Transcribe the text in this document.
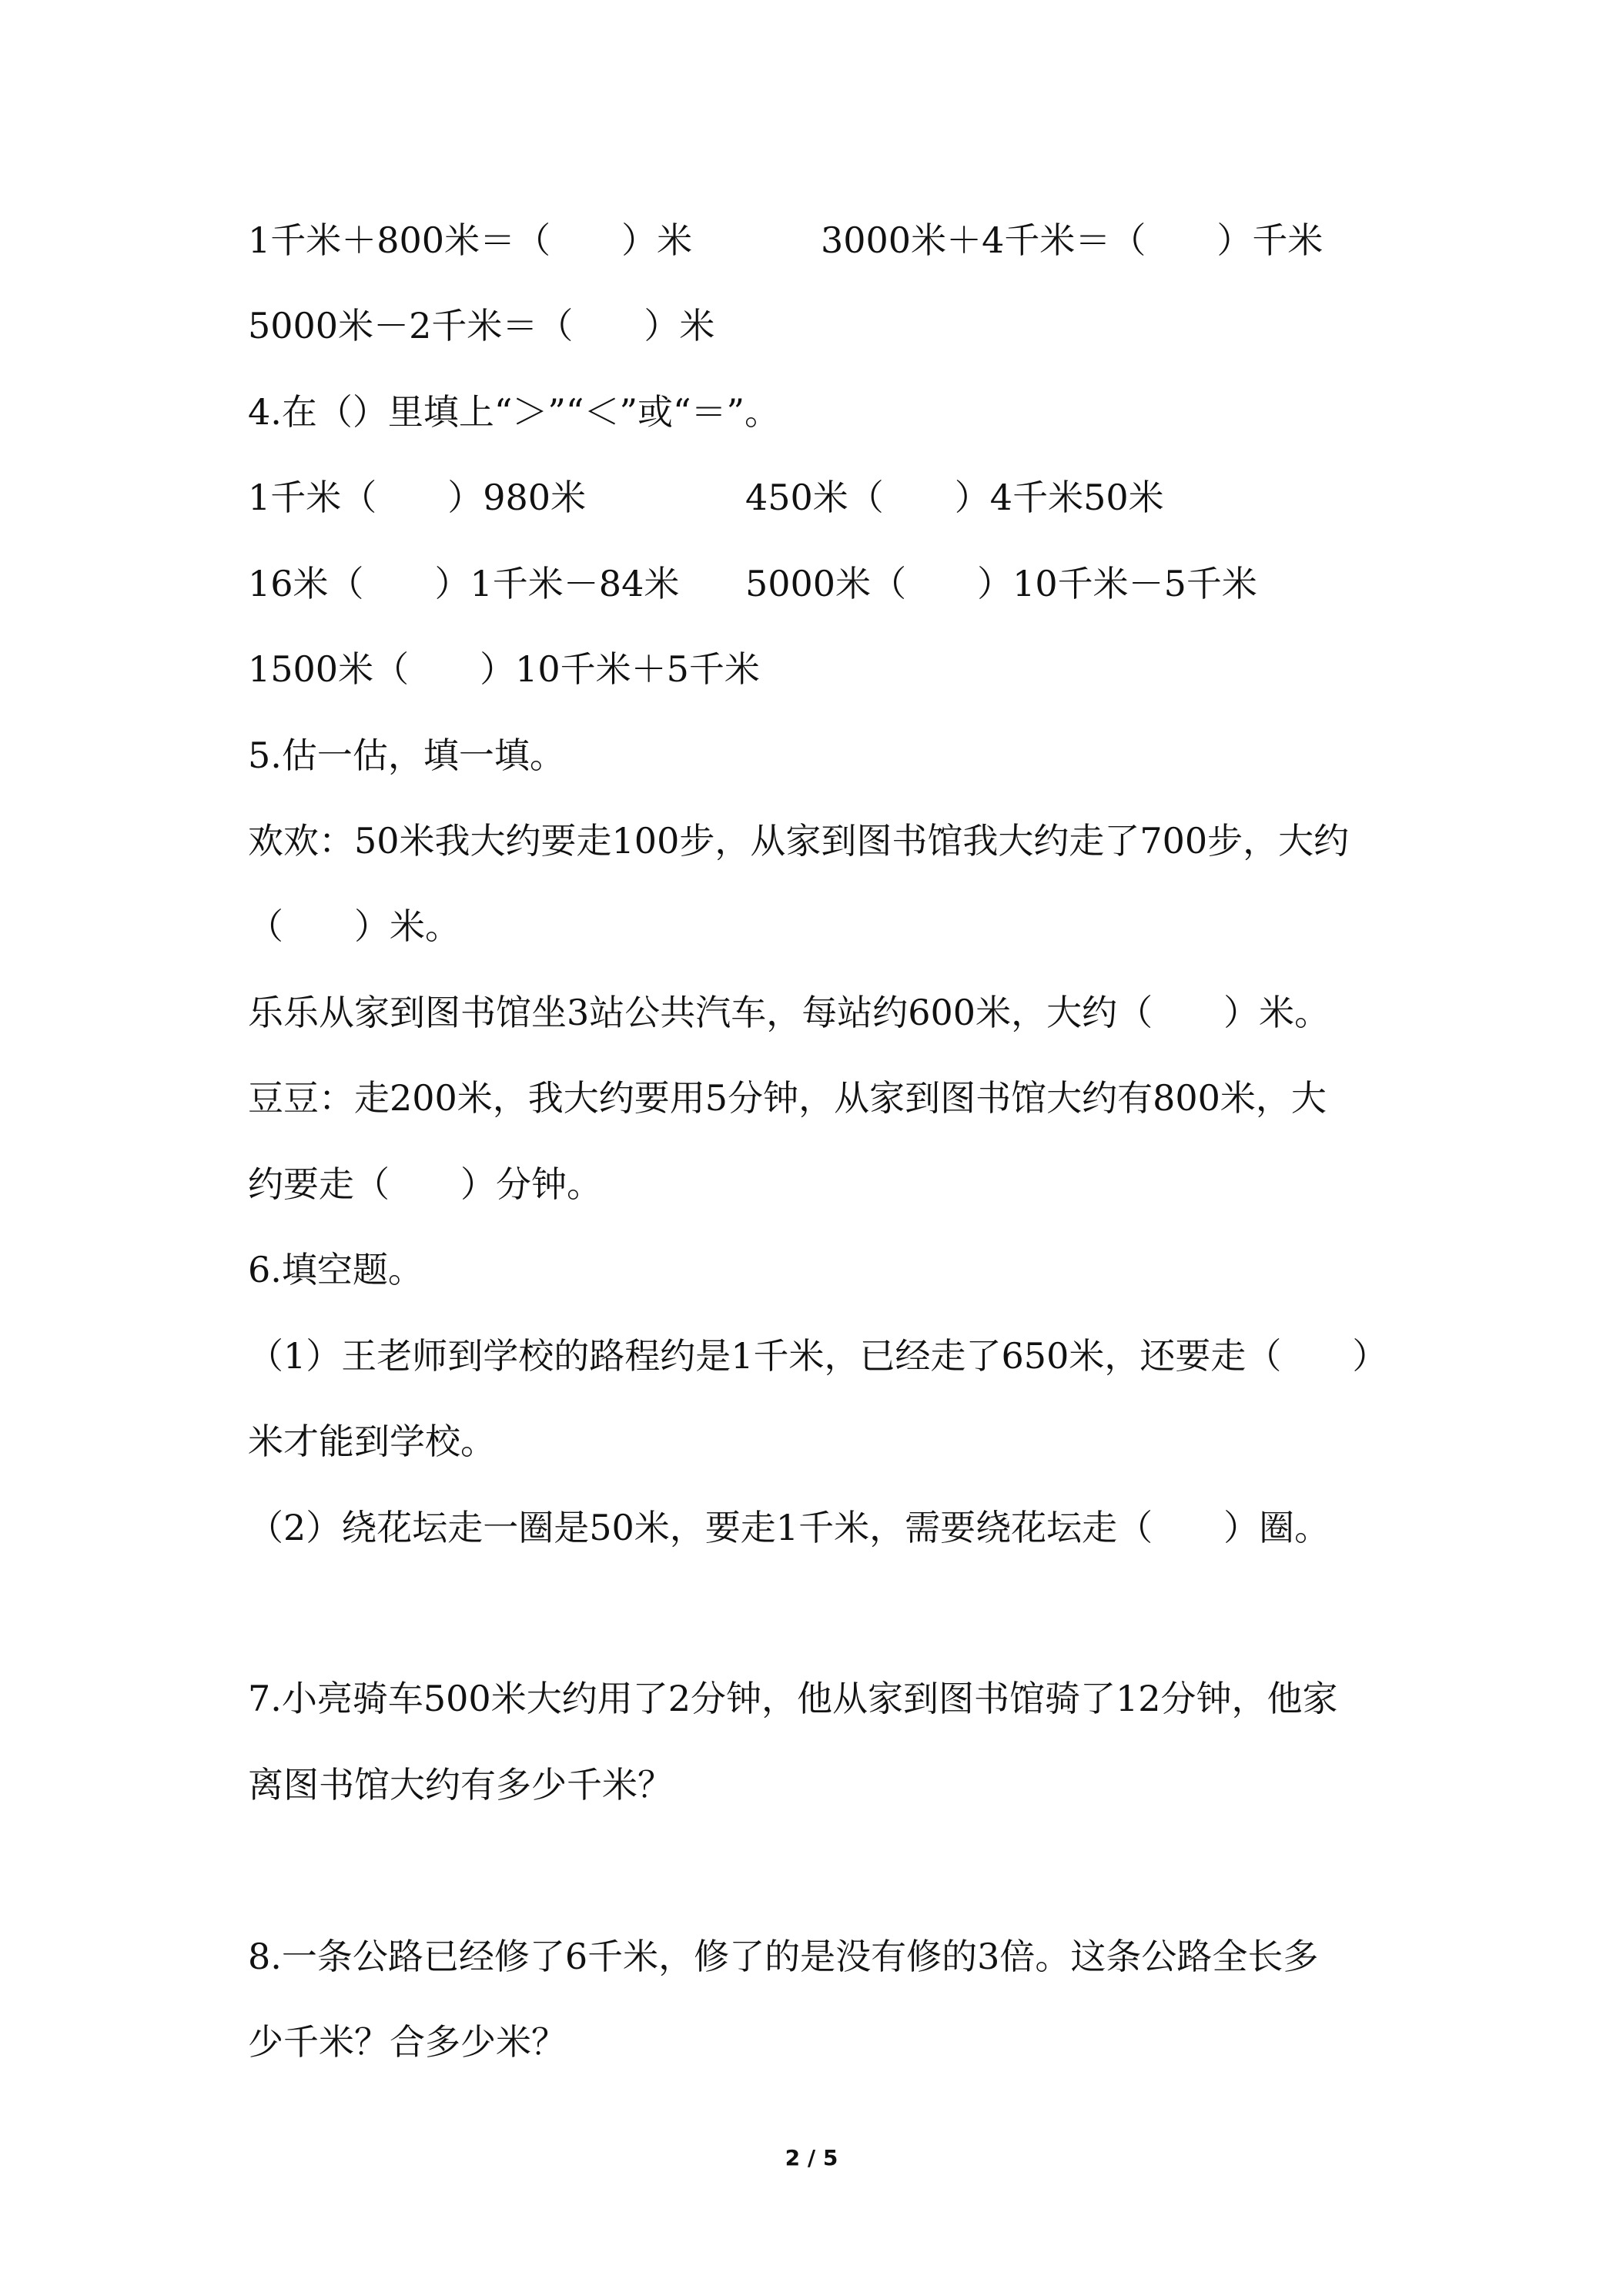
1千米＋800米＝（　　）米	3000米＋4千米＝（　　）千米
5000米－2千米＝（　　）米
4.在（）里填上“＞”“＜”或“＝”。
1千米（　　）980米	450米（　　）4千米50米
16米（　　）1千米－84米 5000米（　　）10千米－5千米
1500米（　　）10千米＋5千米
5.估一估，填一填。
欢欢：50米我大约要走100步，从家到图书馆我大约走了700步，大约
（　　）米。
乐乐从家到图书馆坐3站公共汽车，每站约600米，大约（　　）米。
豆豆：走200米，我大约要用5分钟，从家到图书馆大约有800米，大
约要走（　　）分钟。
6.填空题。
（1）王老师到学校的路程约是1千米，已经走了650米，还要走（　　）
米才能到学校。
（2）绕花坛走一圈是50米，要走1千米，需要绕花坛走（　　）圈。
7.小亮骑车500米大约用了2分钟，他从家到图书馆骑了12分钟，他家
离图书馆大约有多少千米？
8.一条公路已经修了6千米，修了的是没有修的3倍。这条公路全长多
少千米？合多少米？
2 / 5
